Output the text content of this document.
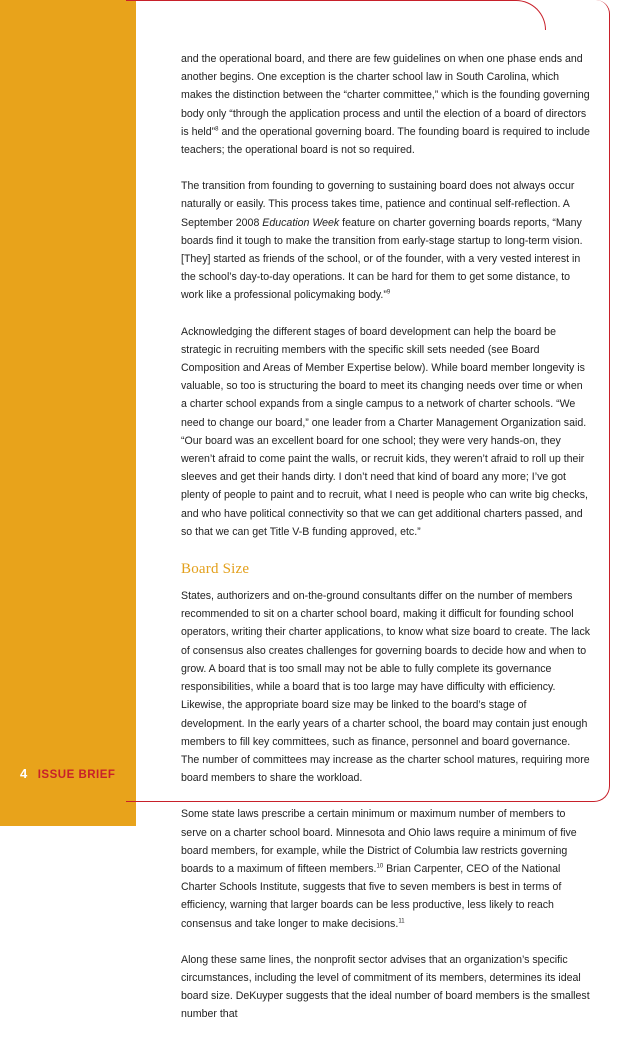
and the operational board, and there are few guidelines on when one phase ends and another begins. One exception is the charter school law in South Carolina, which makes the distinction between the “charter committee,” which is the founding governing body only “through the application process and until the election of a board of directors is held”$^8$ and the operational governing board. The founding board is required to include teachers; the operational board is not so required.

The transition from founding to governing to sustaining board does not always occur naturally or easily. This process takes time, patience and continual self-reflection. A September 2008 Education Week feature on charter governing boards reports, “Many boards find it tough to make the transition from early-stage startup to long-term vision. [They] started as friends of the school, or of the founder, with a very vested interest in the school’s day-to-day operations. It can be hard for them to get some distance, to work like a professional policymaking body.”$^9$

Acknowledging the different stages of board development can help the board be strategic in recruiting members with the specific skill sets needed (see Board Composition and Areas of Member Expertise below). While board member longevity is valuable, so too is structuring the board to meet its changing needs over time or when a charter school expands from a single campus to a network of charter schools. “We need to change our board,” one leader from a Charter Management Organization said. “Our board was an excellent board for one school; they were very hands-on, they weren’t afraid to come paint the walls, or recruit kids, they weren’t afraid to roll up their sleeves and get their hands dirty. I don’t need that kind of board any more; I’ve got plenty of people to paint and to recruit, what I need is people who can write big checks, and who have political connectivity so that we can get additional charters passed, and so that we can get Title V-B funding approved, etc.”

Board Size

States, authorizers and on-the-ground consultants differ on the number of members recommended to sit on a charter school board, making it difficult for founding school operators, writing their charter applications, to know what size board to create. The lack of consensus also creates challenges for governing boards to decide how and when to grow. A board that is too small may not be able to fully complete its governance responsibilities, while a board that is too large may have difficulty with efficiency. Likewise, the appropriate board size may be linked to the board’s stage of development. In the early years of a charter school, the board may contain just enough members to fill key committees, such as finance, personnel and board governance. The number of committees may increase as the charter school matures, requiring more board members to share the workload.

Some state laws prescribe a certain minimum or maximum number of members to serve on a charter school board. Minnesota and Ohio laws require a minimum of five board members, for example, while the District of Columbia law restricts governing boards to a maximum of fifteen members.$^{10}$ Brian Carpenter, CEO of the National Charter Schools Institute, suggests that five to seven members is best in terms of efficiency, warning that larger boards can be less productive, less likely to reach consensus and take longer to make decisions.$^{11}$

Along these same lines, the nonprofit sector advises that an organization’s specific circumstances, including the level of commitment of its members, determines its ideal board size. DeKuyper suggests that the ideal number of board members is the smallest number that

4 ISSUE BRIEF
